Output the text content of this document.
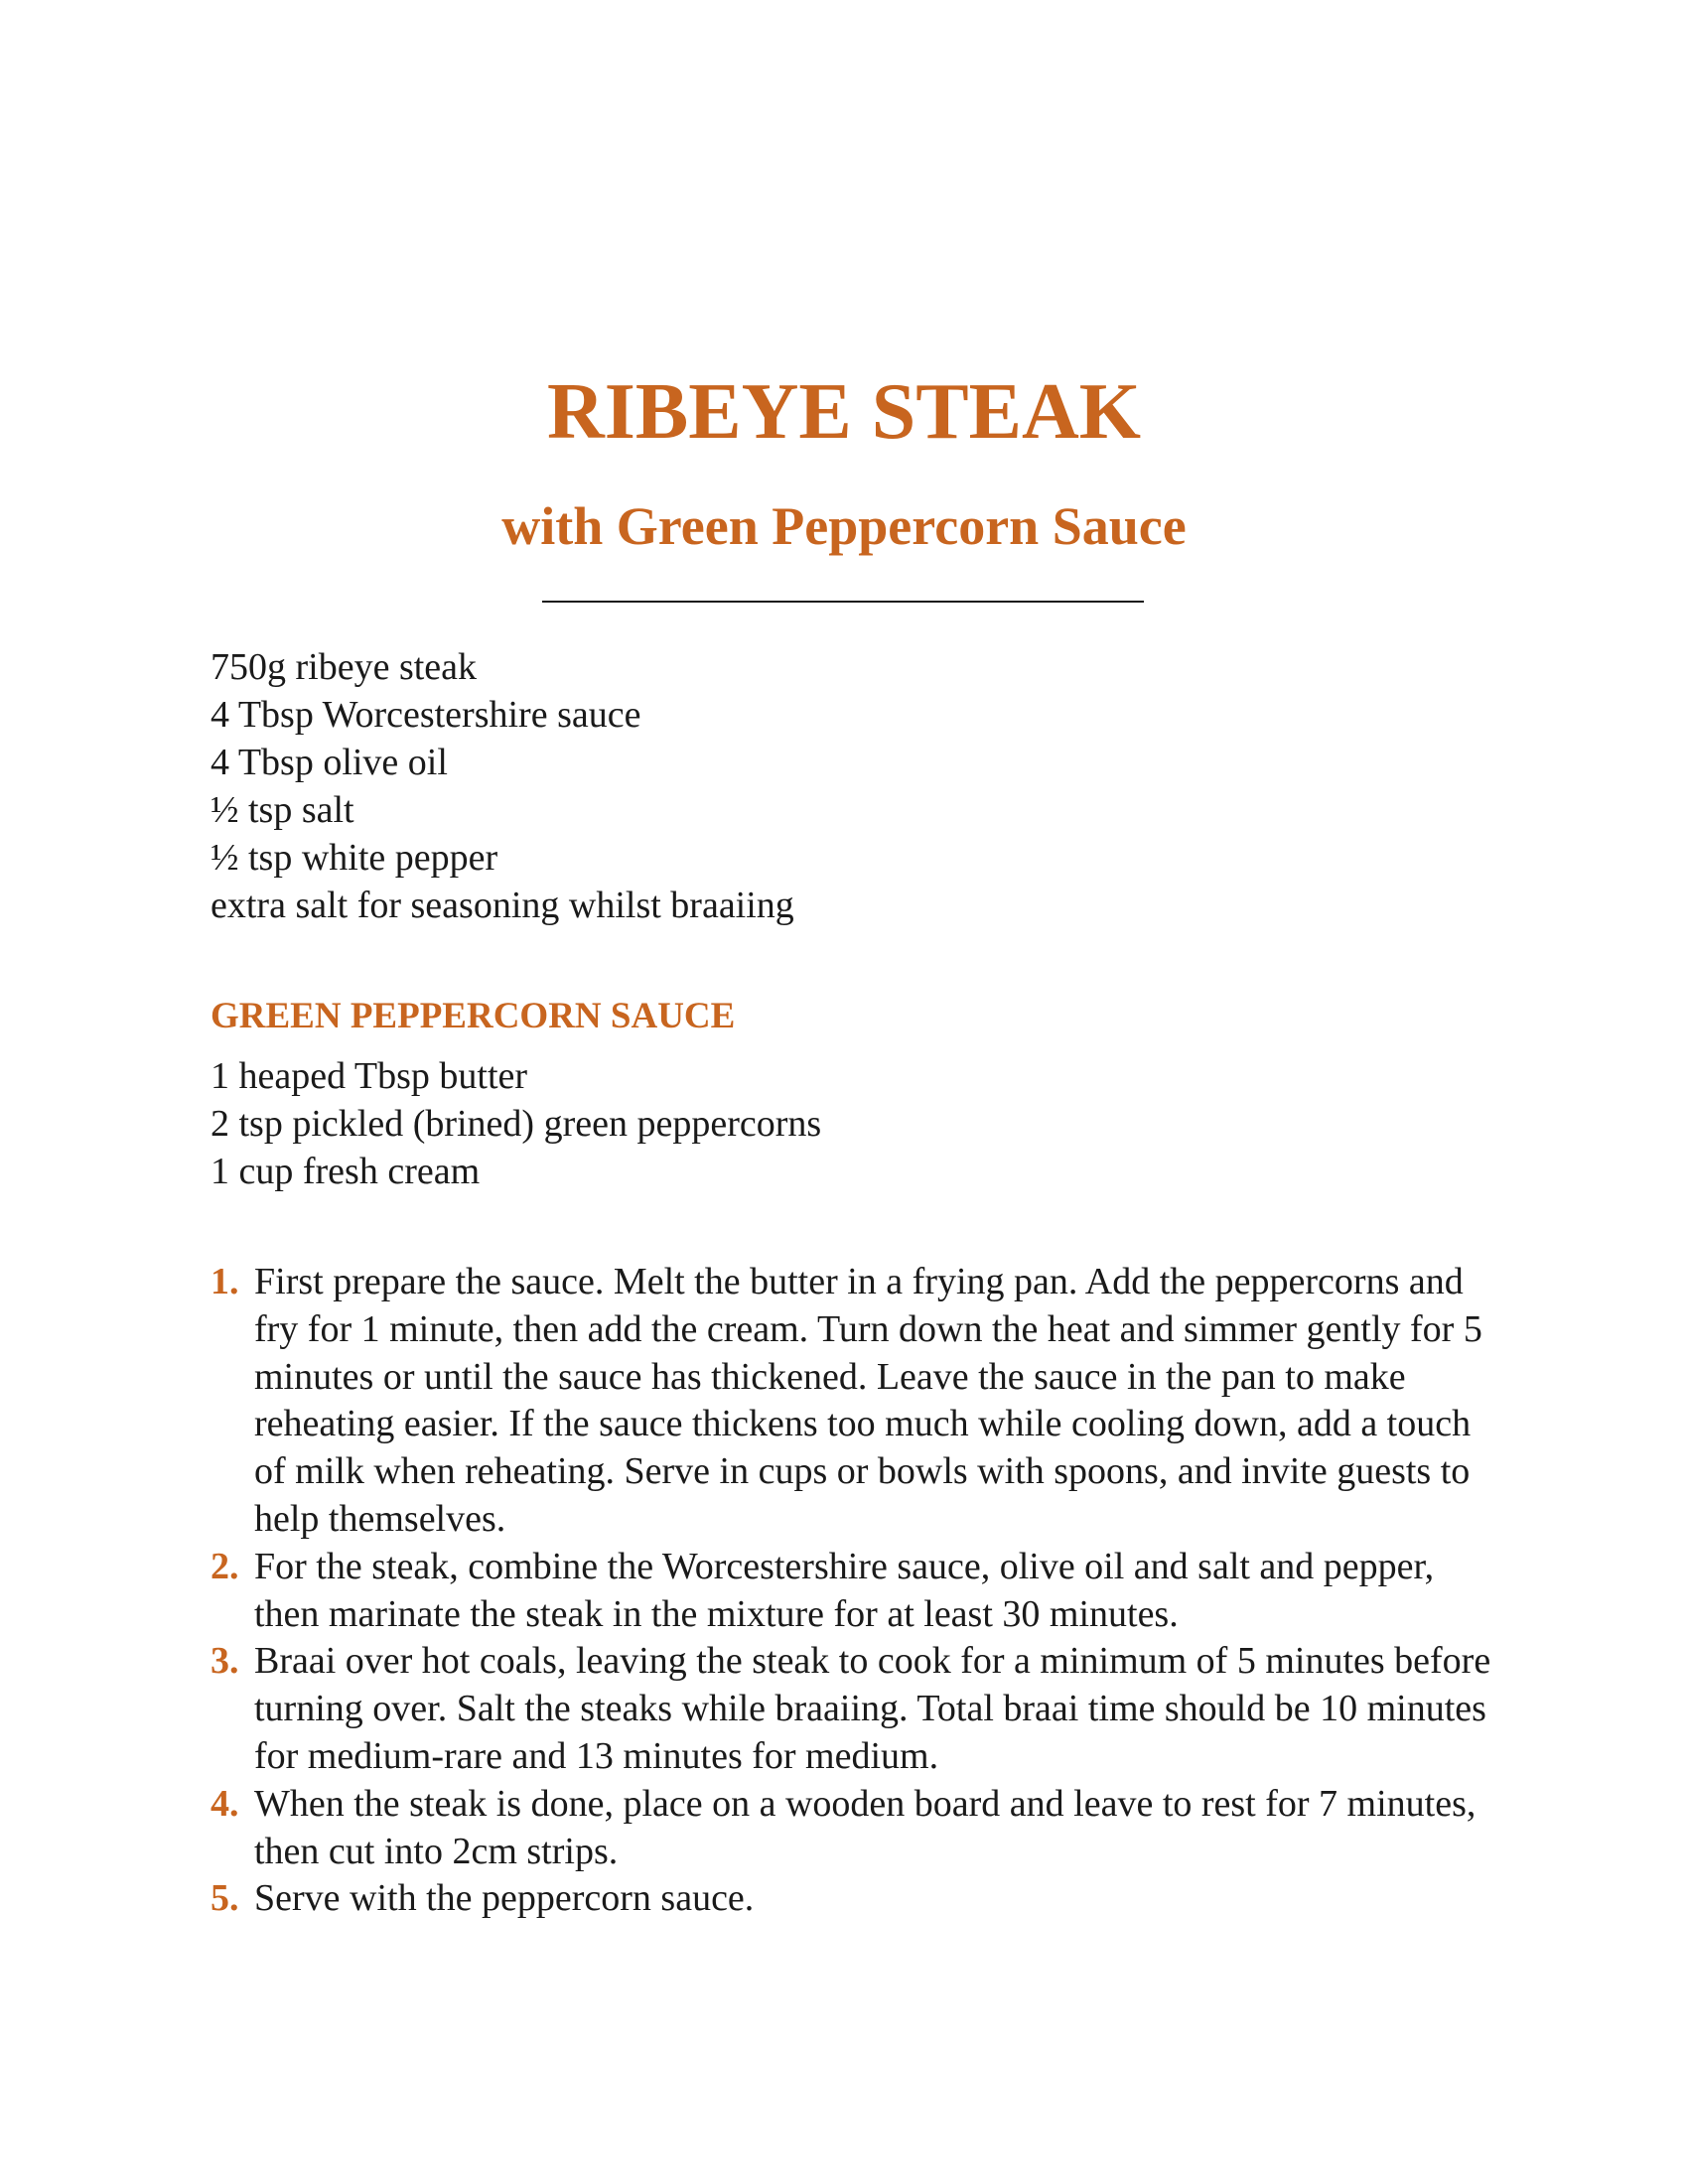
RIBEYE STEAK
with Green Peppercorn Sauce
750g ribeye steak
4 Tbsp Worcestershire sauce
4 Tbsp olive oil
½ tsp salt
½ tsp white pepper
extra salt for seasoning whilst braaiing
GREEN PEPPERCORN SAUCE
1 heaped Tbsp butter
2 tsp pickled (brined) green peppercorns
1 cup fresh cream
1. First prepare the sauce. Melt the butter in a frying pan. Add the peppercorns and fry for 1 minute, then add the cream. Turn down the heat and simmer gently for 5 minutes or until the sauce has thickened. Leave the sauce in the pan to make reheating easier. If the sauce thickens too much while cooling down, add a touch of milk when reheating. Serve in cups or bowls with spoons, and invite guests to help themselves.
2. For the steak, combine the Worcestershire sauce, olive oil and salt and pepper, then marinate the steak in the mixture for at least 30 minutes.
3. Braai over hot coals, leaving the steak to cook for a minimum of 5 minutes before turning over. Salt the steaks while braaiing. Total braai time should be 10 minutes for medium-rare and 13 minutes for medium.
4. When the steak is done, place on a wooden board and leave to rest for 7 minutes, then cut into 2cm strips.
5. Serve with the peppercorn sauce.
